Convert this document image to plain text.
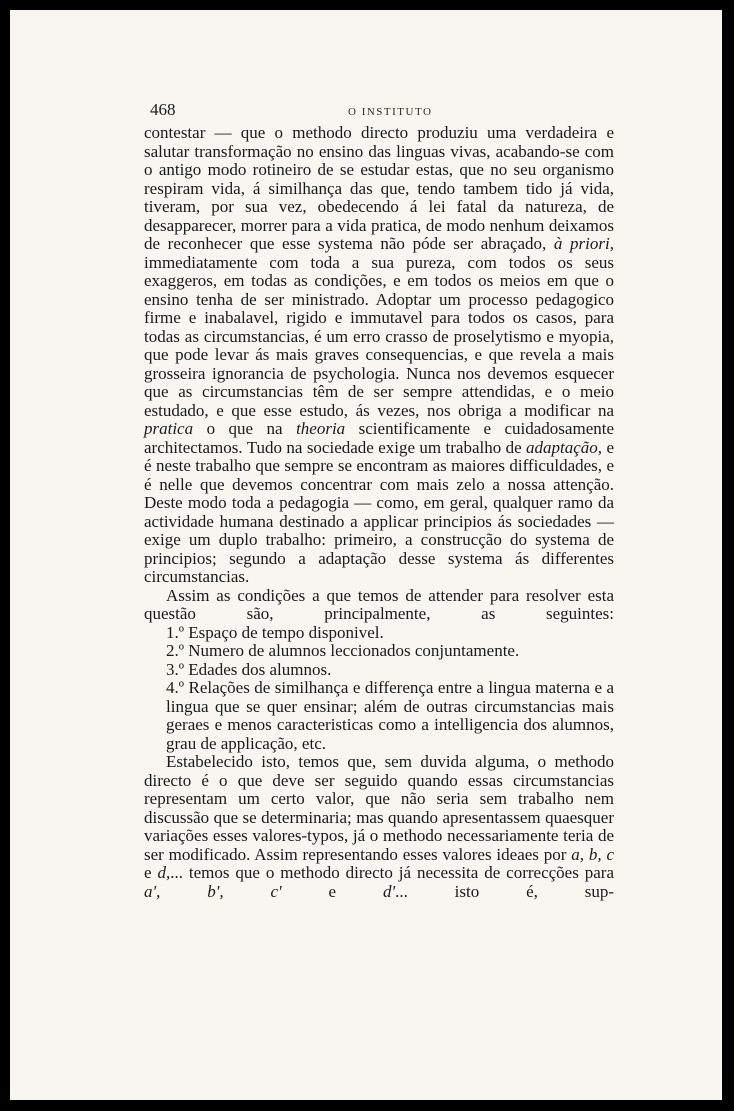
468	O INSTITUTO

contestar — que o methodo directo produziu uma verdadeira e salutar transformação no ensino das linguas vivas, acabando-se com o antigo modo rotineiro de se estudar estas, que no seu organismo respiram vida, á similhança das que, tendo tambem tido já vida, tiveram, por sua vez, obedecendo á lei fatal da natureza, de desapparecer, morrer para a vida pratica, de modo nenhum deixamos de reconhecer que esse systema não póde ser abraçado, à priori, immediatamente com toda a sua pureza, com todos os seus exaggeros, em todas as condições, e em todos os meios em que o ensino tenha de ser ministrado. Adoptar um processo pedagogico firme e inabalavel, rigido e immutavel para todos os casos, para todas as circumstancias, é um erro crasso de proselytismo e myopia, que pode levar ás mais graves consequencias, e que revela a mais grosseira ignorancia de psychologia. Nunca nos devemos esquecer que as circumstancias têm de ser sempre attendidas, e o meio estudado, e que esse estudo, ás vezes, nos obriga a modificar na pratica o que na theoria scientificamente e cuidadosamente architectamos. Tudo na sociedade exige um trabalho de adaptação, e é neste trabalho que sempre se encontram as maiores difficuldades, e é nelle que devemos concentrar com mais zelo a nossa attenção. Deste modo toda a pedagogia — como, em geral, qualquer ramo da actividade humana destinado a applicar principios ás sociedades — exige um duplo trabalho: primeiro, a construcção do systema de principios; segundo a adaptação desse systema ás differentes circumstancias.

Assim as condições a que temos de attender para resolver esta questão são, principalmente, as seguintes:

1.º Espaço de tempo disponivel.
2.º Numero de alumnos leccionados conjuntamente.
3.º Edades dos alumnos.
4.º Relações de similhança e differença entre a lingua materna e a lingua que se quer ensinar; além de outras circumstancias mais geraes e menos caracteristicas como a intelligencia dos alumnos, grau de applicação, etc.

Estabelecido isto, temos que, sem duvida alguma, o methodo directo é o que deve ser seguido quando essas circumstancias representam um certo valor, que não seria sem trabalho nem discussão que se determinaria; mas quando apresentassem quaesquer variações esses valores-typos, já o methodo necessariamente teria de ser modificado. Assim representando esses valores ideaes por a, b, c e d,... temos que o methodo directo já necessita de correcções para a', b', c' e d'... isto é, sup-
